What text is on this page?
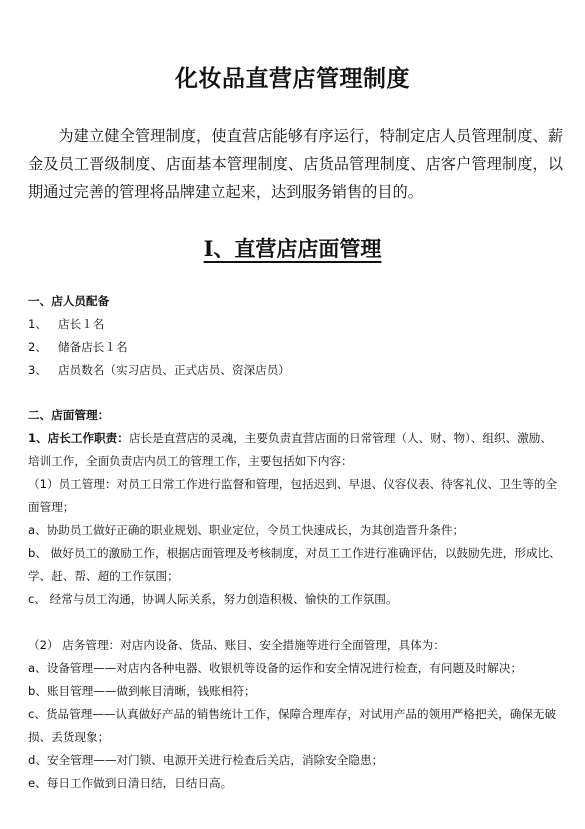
化妆品直营店管理制度

为建立健全管理制度，使直营店能够有序运行，特制定店人员管理制度、薪金及员工晋级制度、店面基本管理制度、店货品管理制度、店客户管理制度，以期通过完善的管理将品牌建立起来，达到服务销售的目的。

I、直营店店面管理

一、店人员配备

1、 店长１名

2、 储备店长１名

3、 店员数名（实习店员、正式店员、资深店员）

二、店面管理：

1、店长工作职责：店长是直营店的灵魂，主要负责直营店面的日常管理（人、财、物）、组织、激励、培训工作，全面负责店内员工的管理工作，主要包括如下内容：

（1）员工管理：对员工日常工作进行监督和管理，包括迟到、早退、仪容仪表、待客礼仪、卫生等的全面管理；

a、协助员工做好正确的职业规划、职业定位，令员工快速成长，为其创造晋升条件；

b、 做好员工的激励工作，根据店面管理及考核制度，对员工工作进行准确评估，以鼓励先进，形成比、学、赶、帮、超的工作氛围；

c、 经常与员工沟通，协调人际关系，努力创造积极、愉快的工作氛围。

（2） 店务管理：对店内设备、货品、账目、安全措施等进行全面管理，具体为：

a、设备管理——对店内各种电器、收银机等设备的运作和安全情况进行检查，有问题及时解决；

b、账目管理——做到帐目清晰，钱账相符；

c、货品管理——认真做好产品的销售统计工作，保障合理库存，对试用产品的领用严格把关，确保无破损、丢货现象；

d、安全管理——对门锁、电源开关进行检查后关店，消除安全隐患；

e、每日工作做到日清日结，日结日高。
